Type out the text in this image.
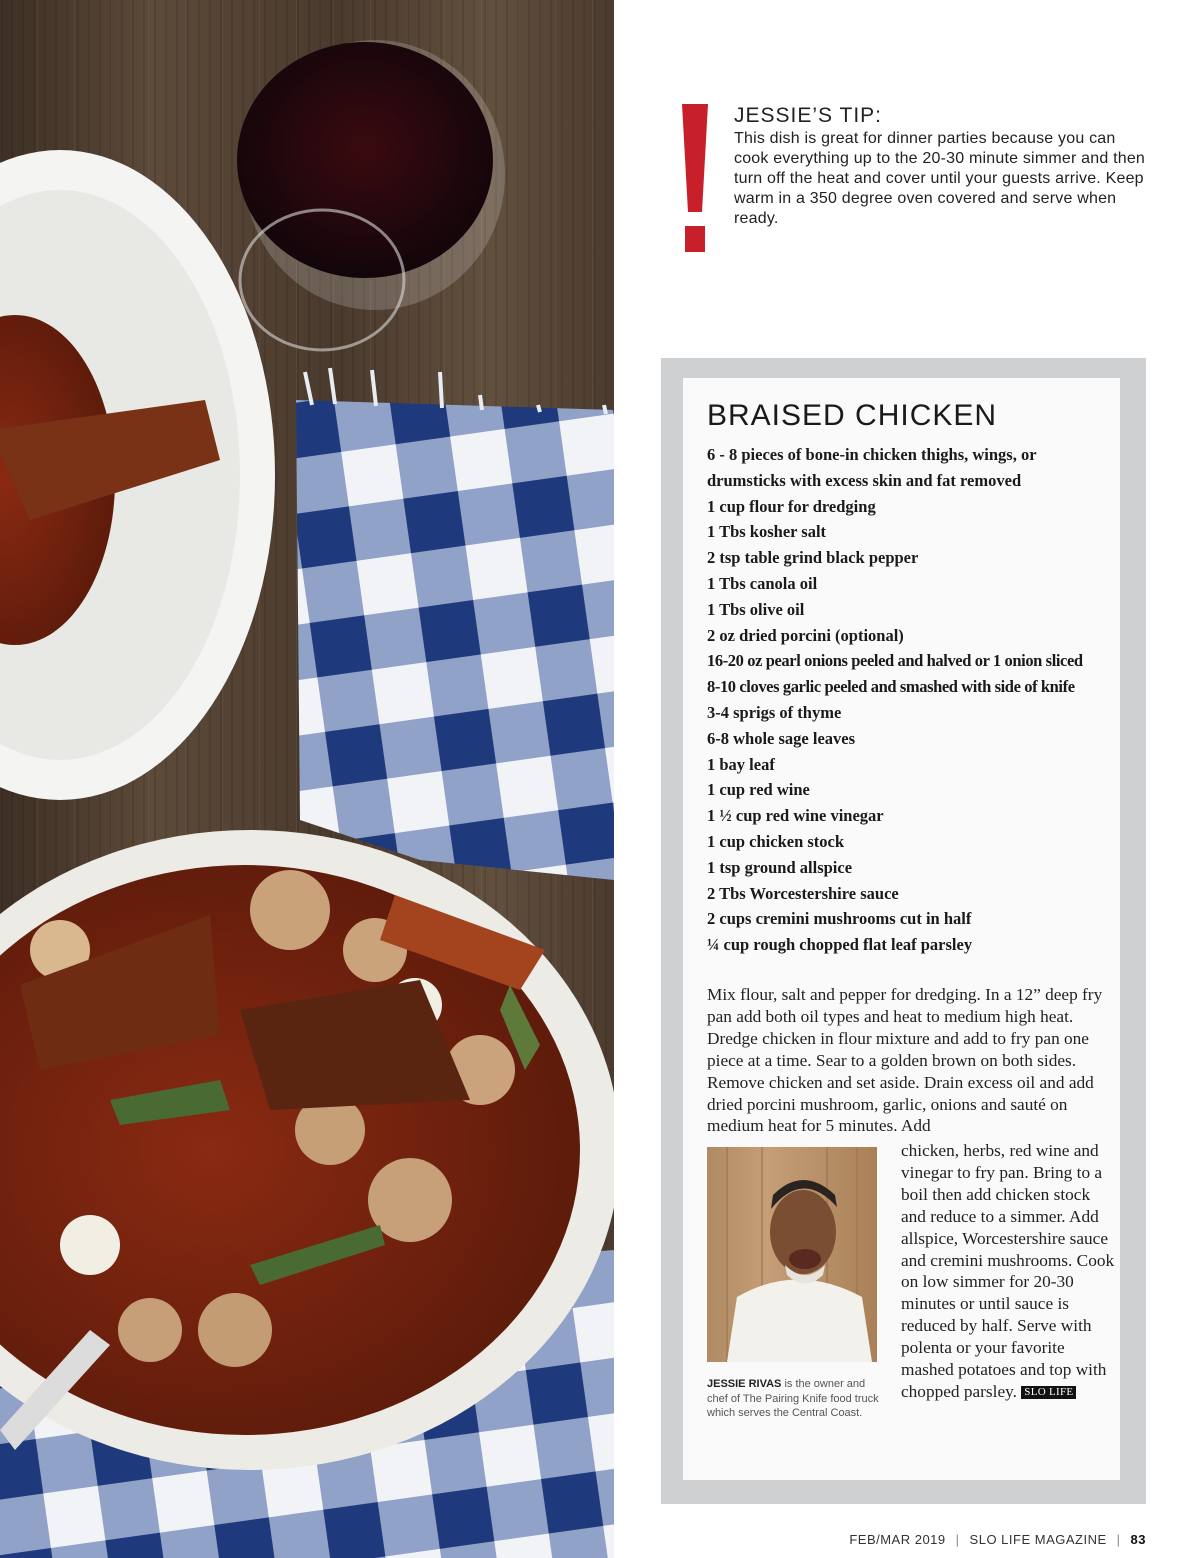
JESSIE’S TIP:

This dish is great for dinner parties because you can cook everything up to the 20-30 minute simmer and then turn off the heat and cover until your guests arrive. Keep warm in a 350 degree oven covered and serve when ready.

BRAISED CHICKEN
6 - 8 pieces of bone-in chicken thighs, wings, or drumsticks with excess skin and fat removed
1 cup flour for dredging
1 Tbs kosher salt
2 tsp table grind black pepper
1 Tbs canola oil
1 Tbs olive oil
2 oz dried porcini (optional)
16-20 oz pearl onions peeled and halved or 1 onion sliced
8-10 cloves garlic peeled and smashed with side of knife
3-4 sprigs of thyme
6-8 whole sage leaves
1 bay leaf
1 cup red wine
1 ½ cup red wine vinegar
1 cup chicken stock
1 tsp ground allspice
2 Tbs Worcestershire sauce
2 cups cremini mushrooms cut in half
¼ cup rough chopped flat leaf parsley

Mix flour, salt and pepper for dredging. In a 12” deep fry pan add both oil types and heat to medium high heat. Dredge chicken in flour mixture and add to fry pan one piece at a time. Sear to a golden brown on both sides. Remove chicken and set aside. Drain excess oil and add dried porcini mushroom, garlic, onions and sauté on medium heat for 5 minutes. Add

JESSIE RIVAS is the owner and chef of The Pairing Knife food truck which serves the Central Coast.

chicken, herbs, red wine and vinegar to fry pan. Bring to a boil then add chicken stock and reduce to a simmer. Add allspice, Worcestershire sauce and cremini mushrooms. Cook on low simmer for 20-30 minutes or until sauce is reduced by half. Serve with polenta or your favorite mashed potatoes and top with chopped parsley. SLO LIFE

FEB/MAR 2019 | SLO LIFE MAGAZINE | 83
